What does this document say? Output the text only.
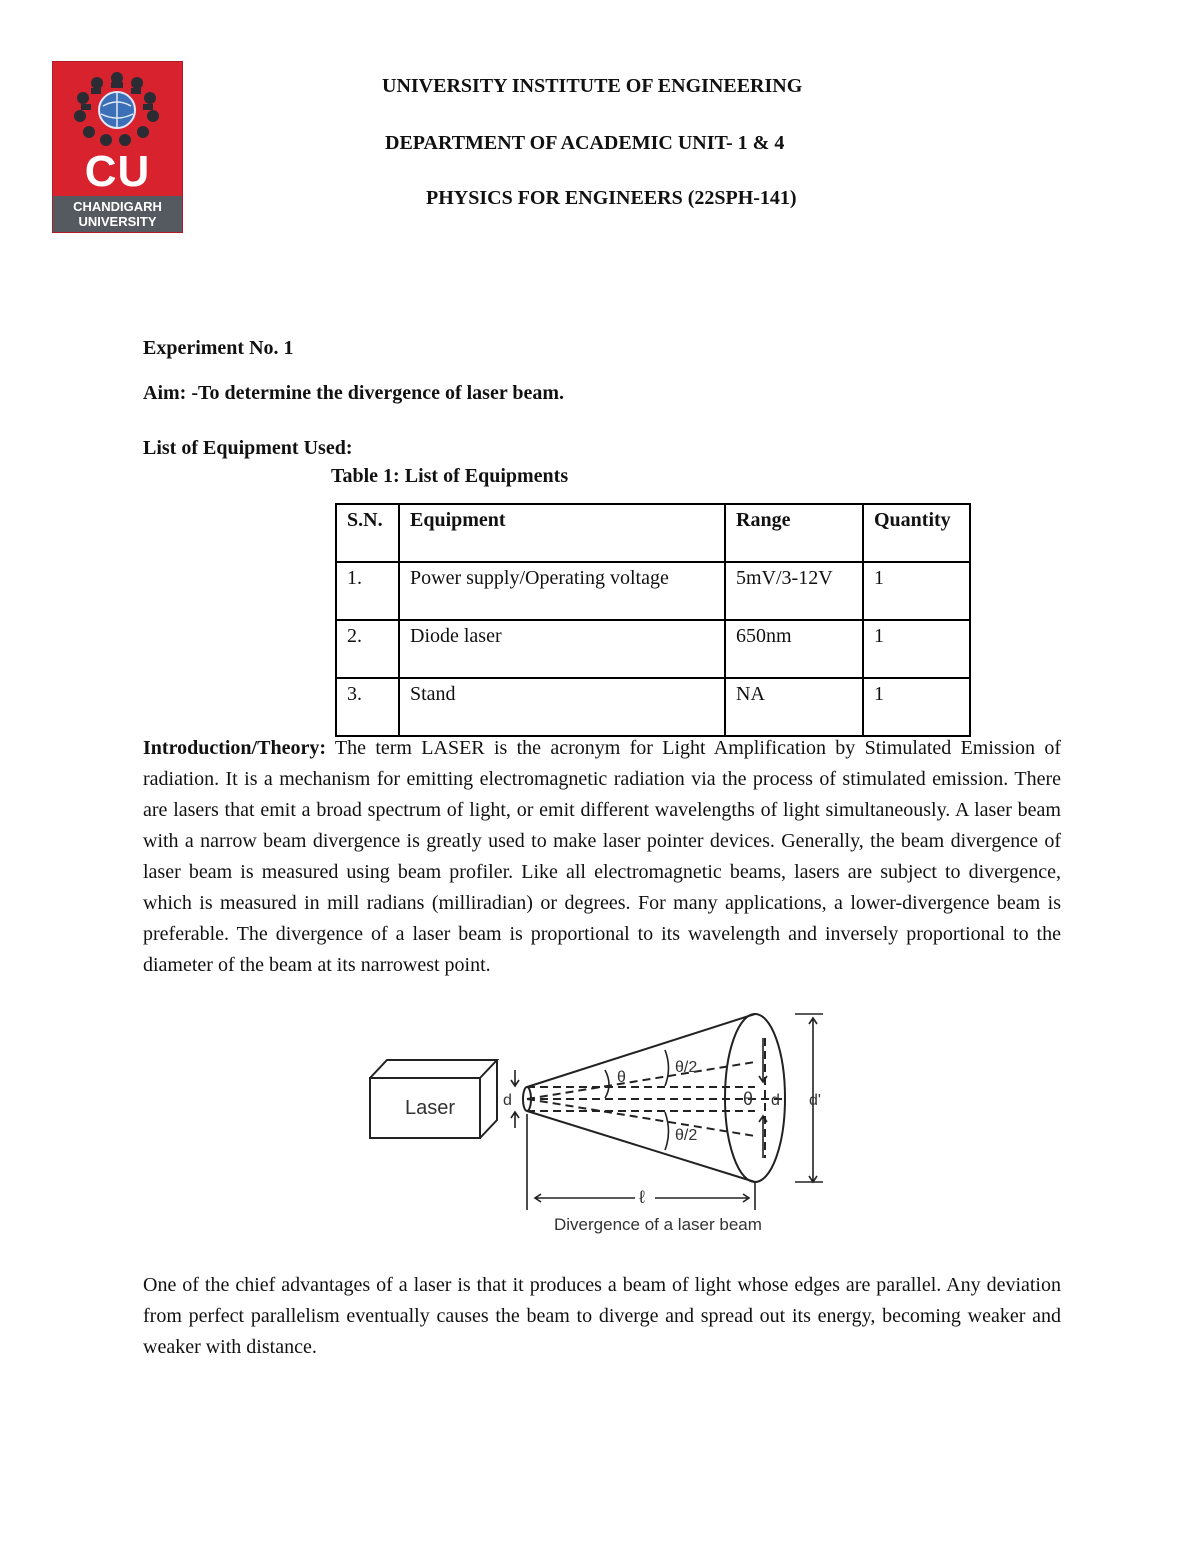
CU
CHANDIGARH
UNIVERSITY
UNIVERSITY INSTITUTE OF ENGINEERING
DEPARTMENT OF ACADEMIC UNIT- 1 & 4
PHYSICS FOR ENGINEERS (22SPH-141)
Experiment No. 1
Aim: -To determine the divergence of laser beam.
List of Equipment Used:
Table 1: List of Equipments
S.N.	Equipment	Range	Quantity
1.	Power supply/Operating voltage	5mV/3-12V	1
2.	Diode laser	650nm	1
3.	Stand	NA	1

Introduction/Theory: The term LASER is the acronym for Light Amplification by Stimulated Emission of radiation. It is a mechanism for emitting electromagnetic radiation via the process of stimulated emission. There are lasers that emit a broad spectrum of light, or emit different wavelengths of light simultaneously. A laser beam with a narrow beam divergence is greatly used to make laser pointer devices. Generally, the beam divergence of laser beam is measured using beam profiler. Like all electromagnetic beams, lasers are subject to divergence, which is measured in mill radians (milliradian) or degrees. For many applications, a lower-divergence beam is preferable. The divergence of a laser beam is proportional to its wavelength and inversely proportional to the diameter of the beam at its narrowest point.

Laser	d
θ
θ/2
θ/2
θ d d'
ℓ
Divergence of a laser beam

One of the chief advantages of a laser is that it produces a beam of light whose edges are parallel. Any deviation from perfect parallelism eventually causes the beam to diverge and spread out its energy, becoming weaker and weaker with distance.
